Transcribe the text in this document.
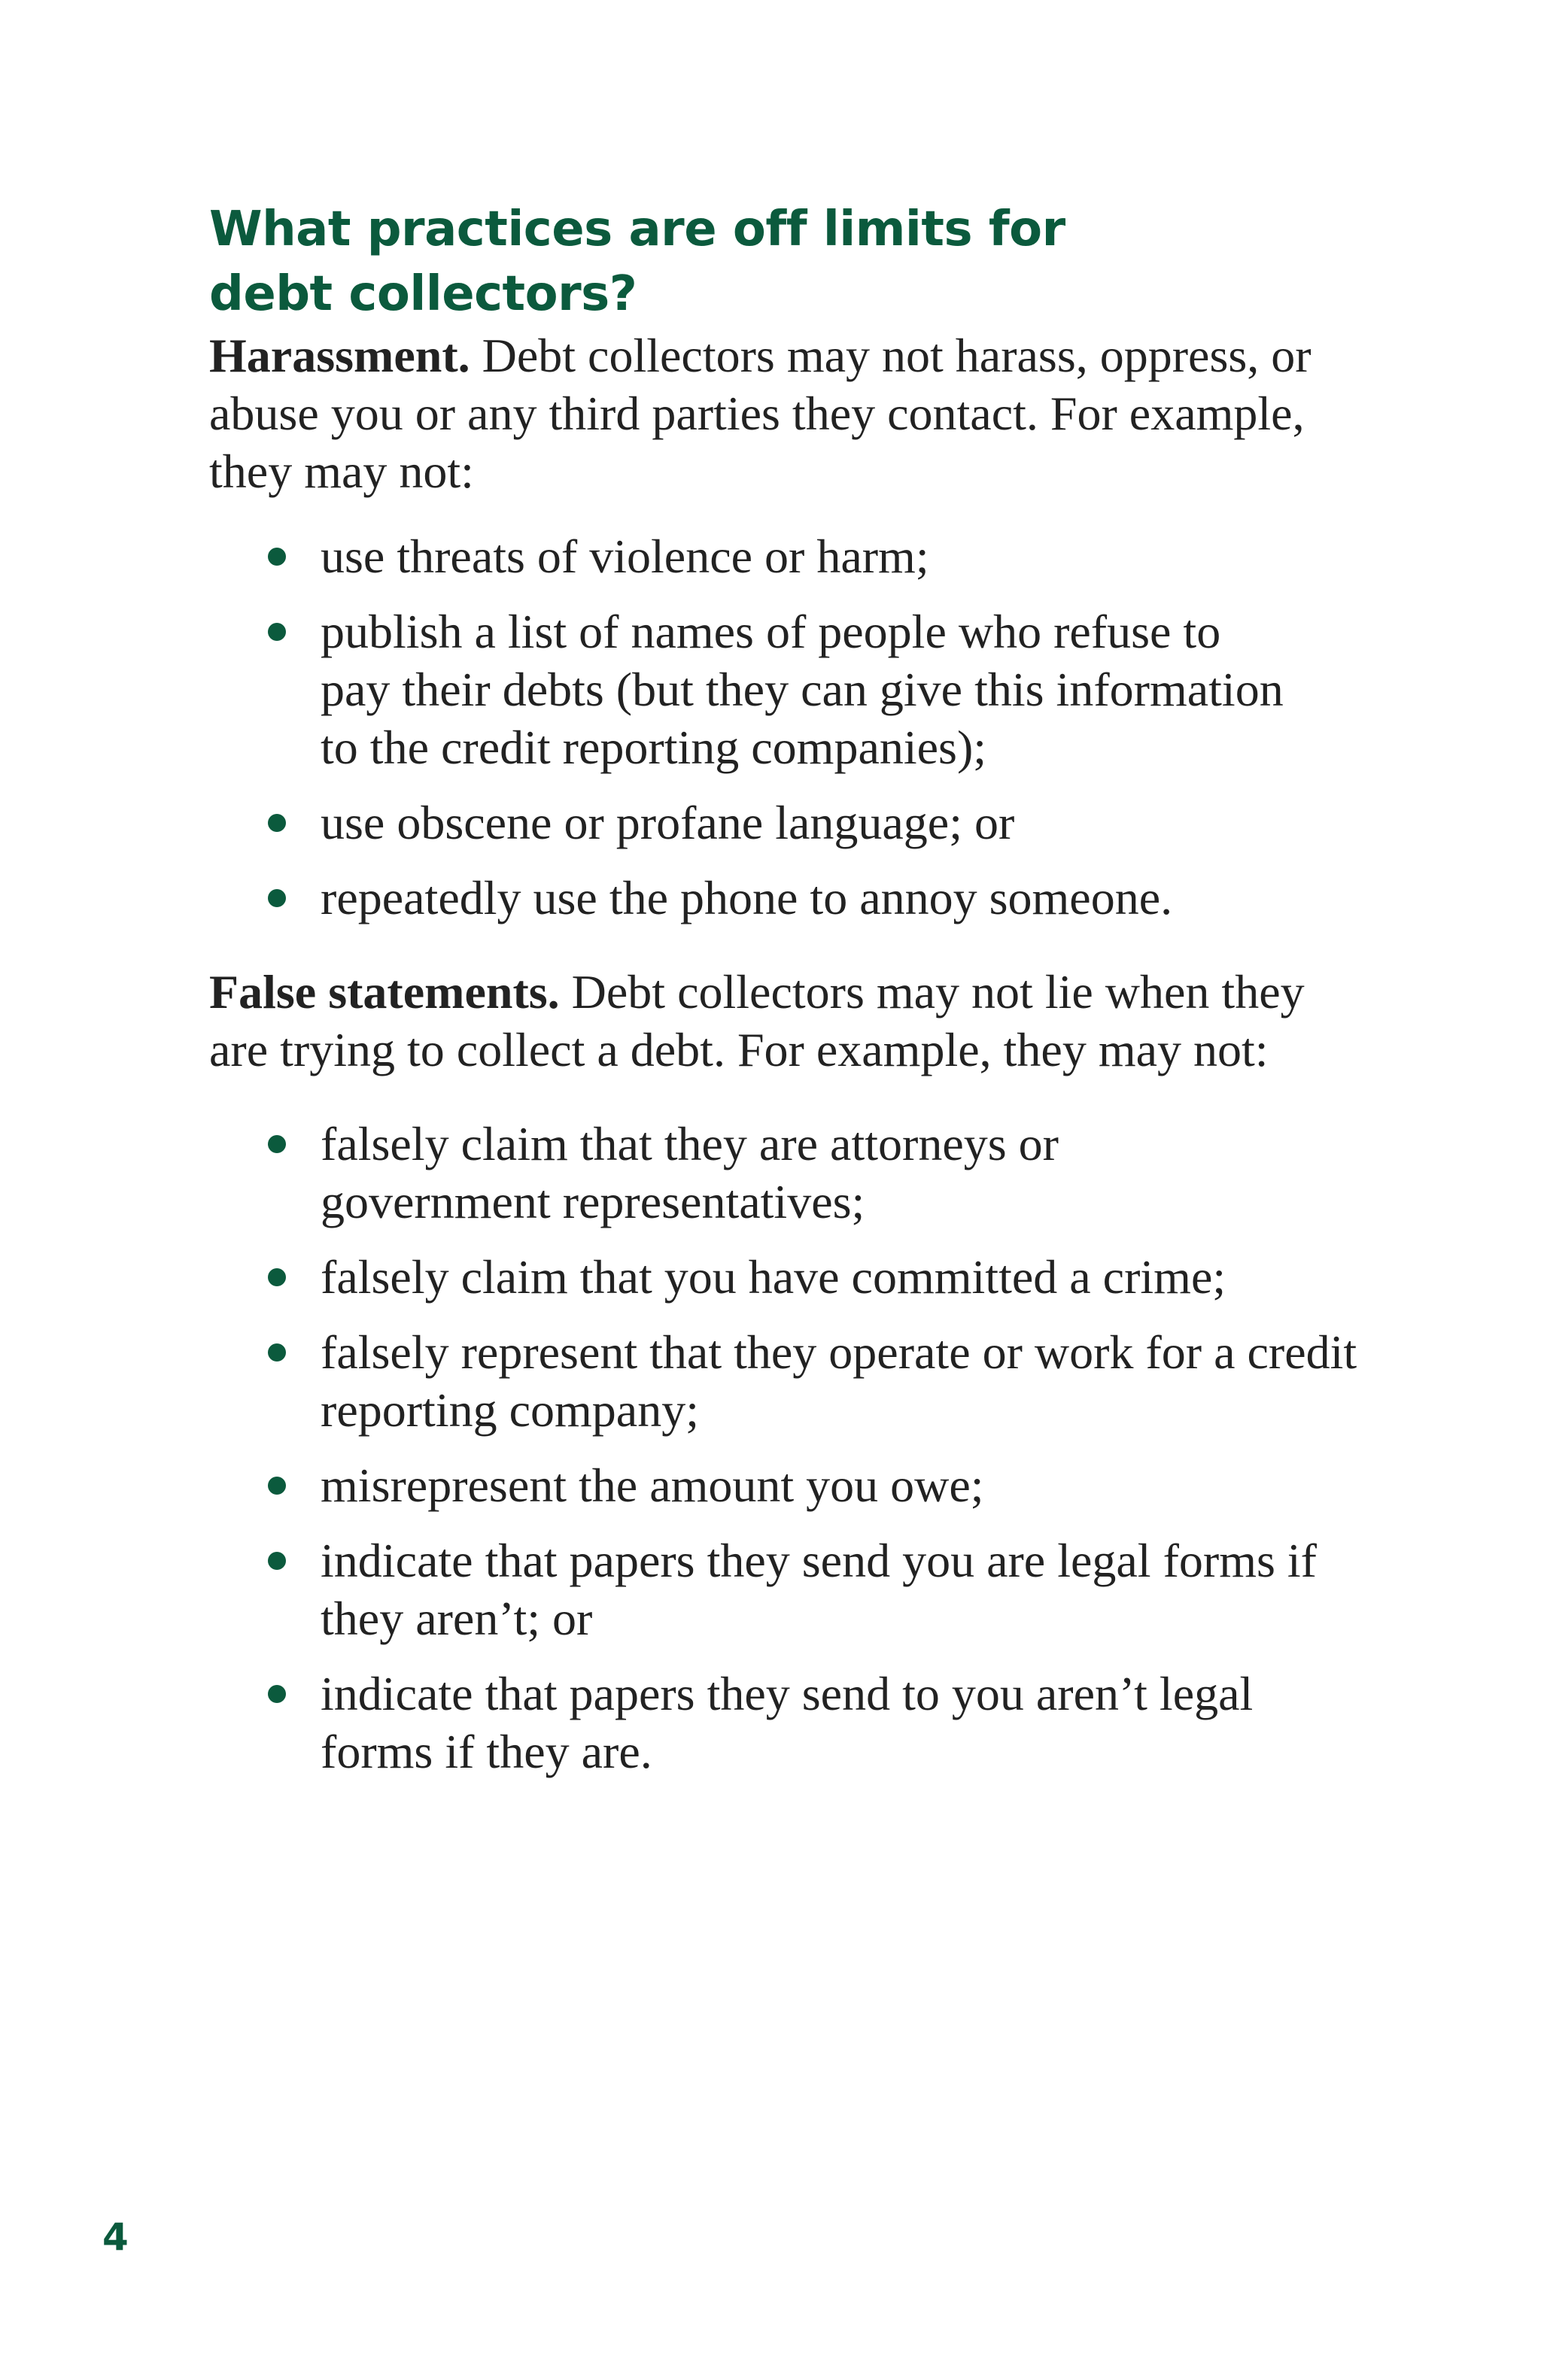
What practices are off limits for debt collectors?

Harassment. Debt collectors may not harass, oppress, or abuse you or any third parties they contact. For example, they may not:

use threats of violence or harm;
publish a list of names of people who refuse to pay their debts (but they can give this information to the credit reporting companies);
use obscene or profane language; or
repeatedly use the phone to annoy someone.

False statements. Debt collectors may not lie when they are trying to collect a debt. For example, they may not:

falsely claim that they are attorneys or government representatives;
falsely claim that you have committed a crime;
falsely represent that they operate or work for a credit reporting company;
misrepresent the amount you owe;
indicate that papers they send you are legal forms if they aren’t; or
indicate that papers they send to you aren’t legal forms if they are.
4
